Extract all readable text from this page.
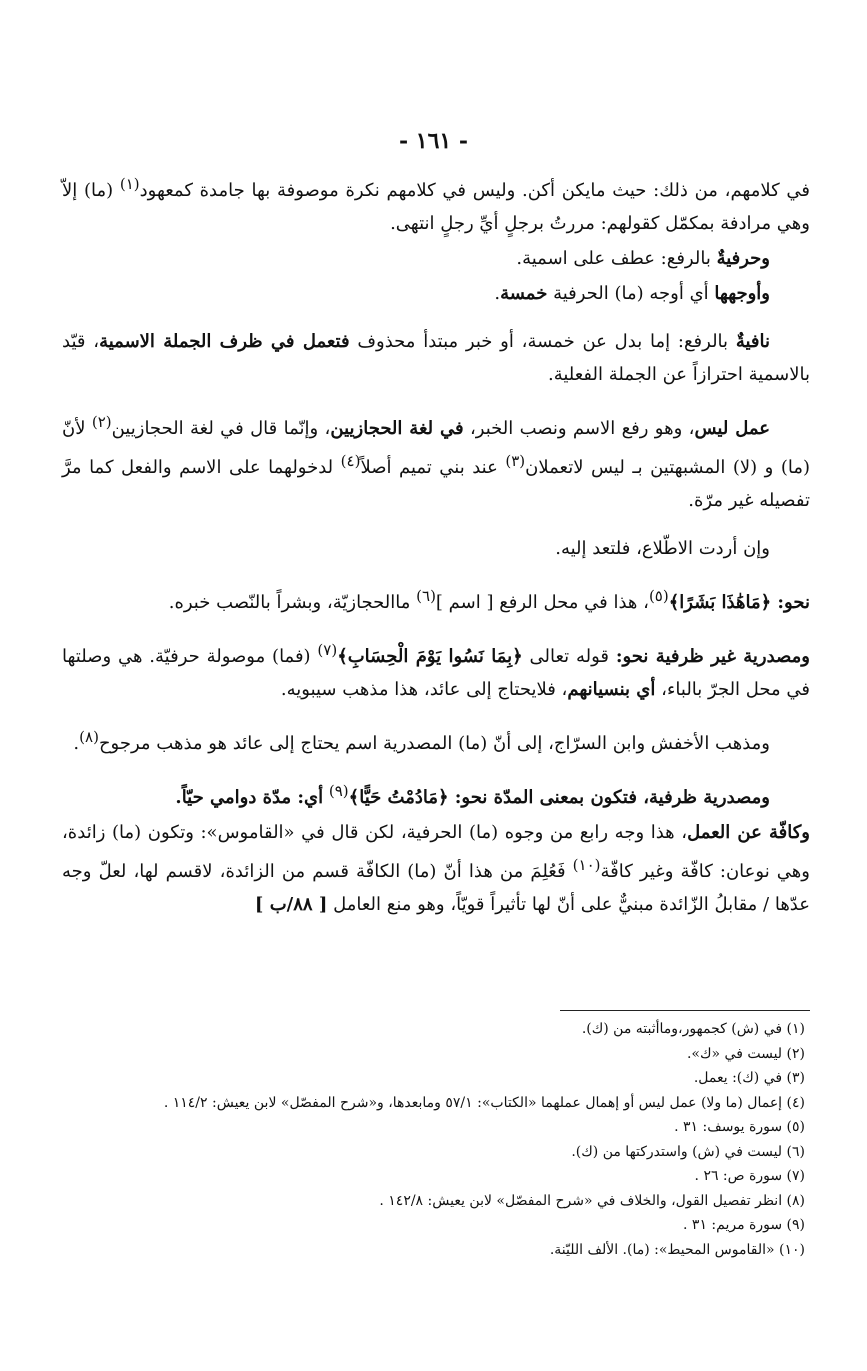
- ١٦١ -

في كلامهم، من ذلك: حيث مايكن أكن. وليس في كلامهم نكرة موصوفة بها جامدة كمعهود$^{(١)}$ (ما) إلاّ وهي مرادفة بمكمّل كقولهم: مررتُ برجلٍ أيِّ رجلٍ انتهى.

وحرفيةٌ بالرفع: عطف على اسمية.

وأوجهها أي أوجه (ما) الحرفية خمسة.

نافيةٌ بالرفع: إما بدل عن خمسة، أو خبر مبتدأ محذوف فتعمل في ظرف الجملة الاسمية، قيّد بالاسمية احترازاً عن الجملة الفعلية.

عمل ليس، وهو رفع الاسم ونصب الخبر، في لغة الحجازيين، وإنّما قال في لغة الحجازيين$^{(٢)}$ لأنّ (ما) و (لا) المشبهتين بـ ليس لاتعملان$^{(٣)}$ عند بني تميم أصلاً$^{(٤)}$ لدخولهما على الاسم والفعل كما مرَّ تفصيله غير مرّة.

وإن أردت الاطّلاع، فلتعد إليه.

نحو: ﴿مَاهَٰذَا بَشَرًا﴾$^{(٥)}$، هذا في محل الرفع [ اسم ]$^{(٦)}$ ماالحجازيّة، وبشراً بالنّصب خبره.

ومصدرية غير ظرفية نحو: قوله تعالى ﴿بِمَا نَسُوا يَوْمَ الْحِسَابِ﴾$^{(٧)}$ (فما) موصولة حرفيّة. هي وصلتها في محل الجرّ بالباء، أي بنسيانهم، فلايحتاج إلى عائد، هذا مذهب سيبويه.

ومذهب الأخفش وابن السرّاج، إلى أنّ (ما) المصدرية اسم يحتاج إلى عائد هو مذهب مرجوح$^{(٨)}$.

ومصدرية ظرفية، فتكون بمعنى المدّة نحو: ﴿مَادُمْتُ حَيًّا﴾$^{(٩)}$ أي: مدّة دوامي حيّاً.

وكافّة عن العمل، هذا وجه رابع من وجوه (ما) الحرفية، لكن قال في «القاموس»: وتكون (ما) زائدة، وهي نوعان: كافّة وغير كافّة$^{(١٠)}$ فَعُلِمَ من هذا أنّ (ما) الكافّة قسم من الزائدة، لاقسم لها، لعلّ وجه عدّها / مقابلُ الزّائدة مبنيٌّ على أنّ لها تأثيراً قويّاً، وهو منع العامل [ ٨٨/ب ]

(١) في (ش) كجمهور،وماأثبته من (ك).
(٢) ليست في «ك».
(٣) في (ك): يعمل.
(٤) إعمال (ما ولا) عمل ليس أو إهمال عملهما «الكتاب»: ٥٧/١ ومابعدها، و«شرح المفصّل» لابن يعيش: ١١٤/٢ .
(٥) سورة يوسف: ٣١ .
(٦) ليست في (ش) واستدركتها من (ك).
(٧) سورة ص: ٢٦ .
(٨) انظر تفصيل القول، والخلاف في «شرح المفصّل» لابن يعيش: ١٤٢/٨ .
(٩) سورة مريم: ٣١ .
(١٠) «القاموس المحيط»: (ما). الألف الليّنة.
